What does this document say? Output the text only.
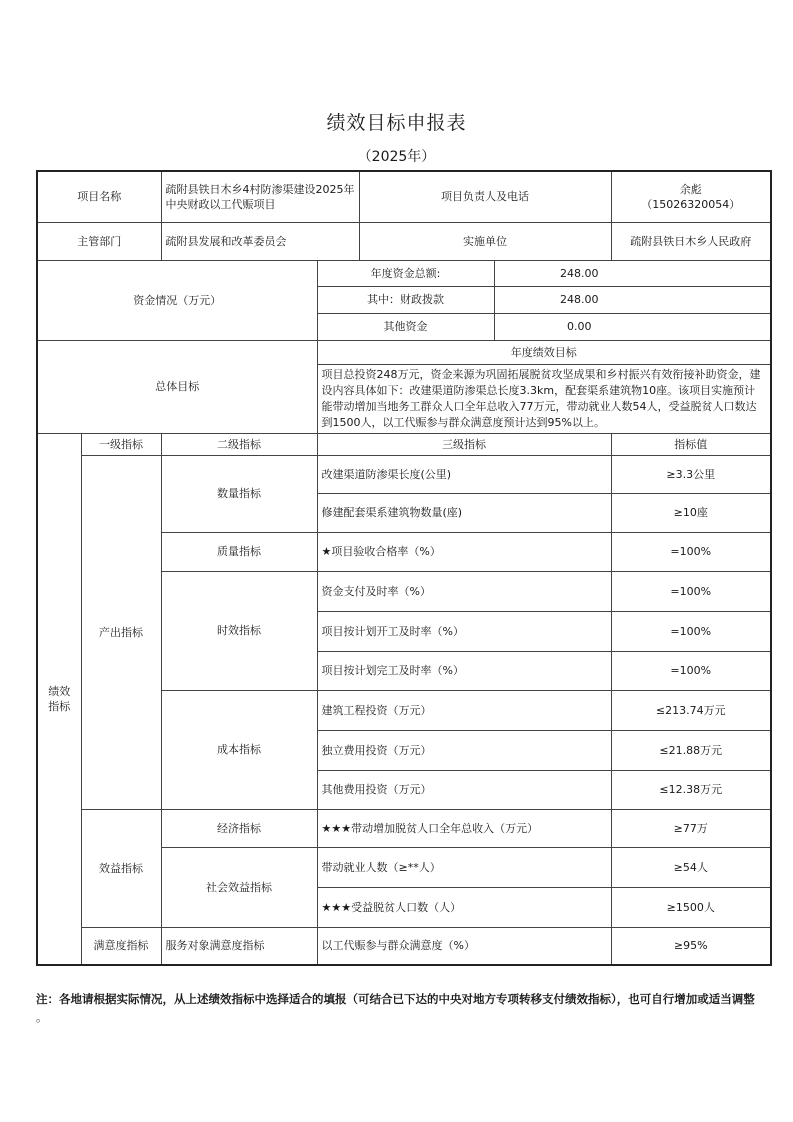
绩效目标申报表
（2025年）
项目名称		疏附县铁日木乡4村防渗渠建设2025年中央财政以工代赈项目		项目负责人及电话		余彪
（15026320054）

主管部门		疏附县发展和改革委员会		实施单位		疏附县铁日木乡人民政府
资金情况（万元）			年度资金总额:		248.00	
			其中：财政拨款		248.00	
			其他资金		0.00	
总体目标			年度绩效目标			
			项目总投资248万元，资金来源为巩固拓展脱贫攻坚成果和乡村振兴有效衔接补助资金，建设内容具体如下：改建渠道防渗渠总长度3.3km，配套渠系建筑物10座。该项目实施预计能带动增加当地务工群众人口全年总收入77万元，带动就业人数54人，受益脱贫人口数达到1500人，以工代赈参与群众满意度预计达到95%以上。			
绩效指标	一级指标	二级指标	三级指标			指标值
	产出指标	数量指标	改建渠道防渗渠长度(公里)			≥3.3公里
			修建配套渠系建筑物数量(座)			≥10座
		质量指标	★项目验收合格率（%）			=100%
		时效指标	资金支付及时率（%）			=100%
			项目按计划开工及时率（%）			=100%
			项目按计划完工及时率（%）			=100%
		成本指标	建筑工程投资（万元）			≤213.74万元
			独立费用投资（万元）			≤21.88万元
			其他费用投资（万元）			≤12.38万元
	效益指标	经济指标	★★★带动增加脱贫人口全年总收入（万元）			≥77万
		社会效益指标	带动就业人数（≥**人）			≥54人
			★★★受益脱贫人口数（人）			≥1500人
	满意度指标	服务对象满意度指标	以工代赈参与群众满意度（%）			≥95%
注：各地请根据实际情况，从上述绩效指标中选择适合的填报（可结合已下达的中央对地方专项转移支付绩效指标），也可自行增加或适当调整
。
